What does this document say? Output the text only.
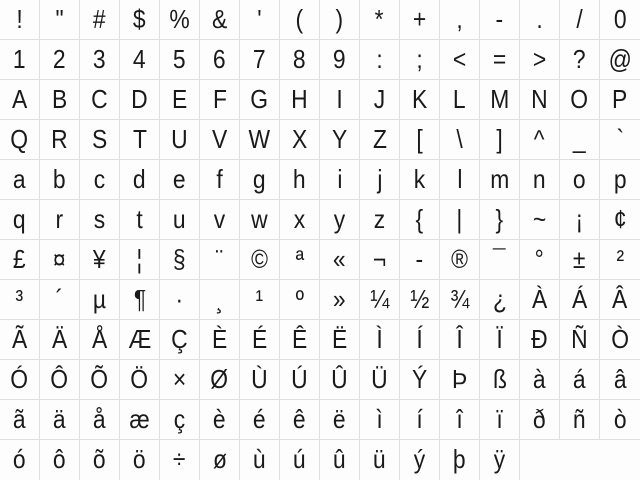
!	"	#	$ % &	'	(	)	*	+	,	-	.	/	0
1	2	3	4	5	6	7	8	9	:	;	<	=	>	? @
A B C D E F G H	I	J	K	L M N O P
Q R S T U V W X Y Z	[	\	]	^	_	`
a	b	c	d	e	f	g	h	i	j	k	l	m n	o	p
q	r	s	t	u	v	w	x	y	z	{	|	}	~	¡	¢
£	¤	¥	¦	§	¨	©	ª	«	¬	-	® ¯	°	±	²
³	´	µ	¶	·	¸	¹	º	» ¼ ½ ¾ ¿ À Á Â
Ã Ä Å Æ Ç È É Ê Ë	Ì	Í	Î	Ï	Ð Ñ Ò
Ó Ô Õ Ö × Ø Ù Ú Û Ü Ý Þ ß	à	á	â
ã	ä	å æ ç	è	é	ê	ë	ì	í	î	ï	ð	ñ	ò
ó	ô	õ	ö	÷	ø	ù	ú	û	ü	ý	þ	ÿ
